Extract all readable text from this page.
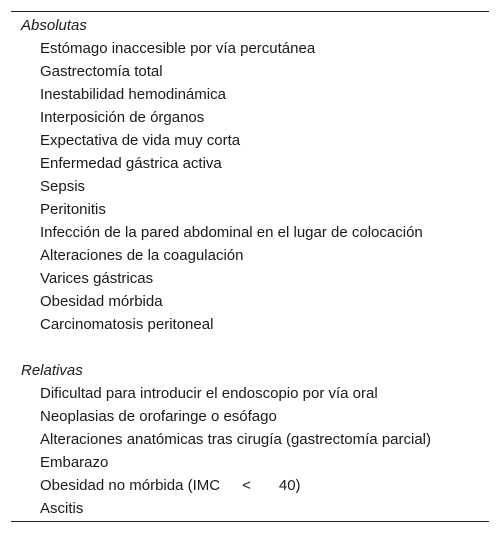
Absolutas
Estómago inaccesible por vía percutánea
Gastrectomía total
Inestabilidad hemodinámica
Interposición de órganos
Expectativa de vida muy corta
Enfermedad gástrica activa
Sepsis
Peritonitis
Infección de la pared abdominal en el lugar de colocación
Alteraciones de la coagulación
Varices gástricas
Obesidad mórbida
Carcinomatosis peritoneal
Relativas
Dificultad para introducir el endoscopio por vía oral
Neoplasias de orofaringe o esófago
Alteraciones anatómicas tras cirugía (gastrectomía parcial)
Embarazo
Obesidad no mórbida (IMC < 40)
Ascitis
